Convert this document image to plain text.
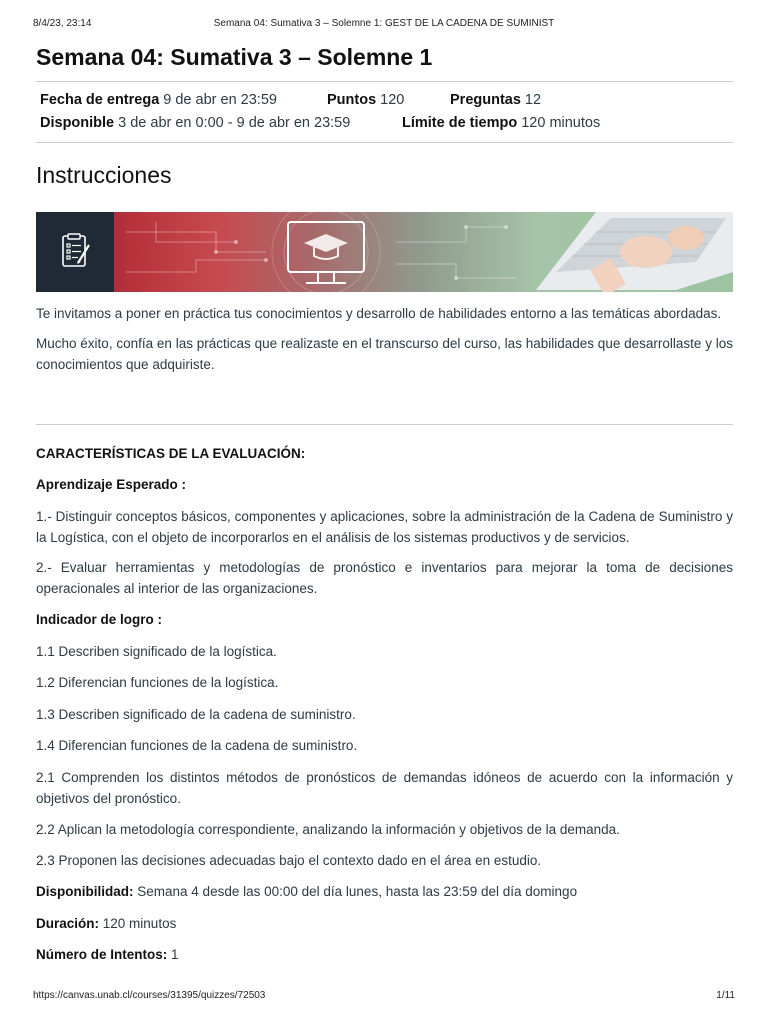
8/4/23, 23:14	Semana 04: Sumativa 3 – Solemne 1: GEST DE LA CADENA DE SUMINIST
Semana 04: Sumativa 3 – Solemne 1
Fecha de entrega 9 de abr en 23:59	Puntos 120	Preguntas 12
Disponible 3 de abr en 0:00 - 9 de abr en 23:59	Límite de tiempo 120 minutos
Instrucciones

Te invitamos a poner en práctica tus conocimientos y desarrollo de habilidades entorno a las temáticas abordadas.

Mucho éxito, confía en las prácticas que realizaste en el transcurso del curso, las habilidades que desarrollaste y los conocimientos que adquiriste.

CARACTERÍSTICAS DE LA EVALUACIÓN:

Aprendizaje Esperado :

1.- Distinguir conceptos básicos, componentes y aplicaciones, sobre la administración de la Cadena de Suministro y la Logística, con el objeto de incorporarlos en el análisis de los sistemas productivos y de servicios.

2.- Evaluar herramientas y metodologías de pronóstico e inventarios para mejorar la toma de decisiones operacionales al interior de las organizaciones.

Indicador de logro :

1.1 Describen significado de la logística.

1.2 Diferencian funciones de la logística.

1.3 Describen significado de la cadena de suministro.

1.4 Diferencian funciones de la cadena de suministro.

2.1 Comprenden los distintos métodos de pronósticos de demandas idóneos de acuerdo con la información y objetivos del pronóstico.

2.2 Aplican la metodología correspondiente, analizando la información y objetivos de la demanda.

2.3 Proponen las decisiones adecuadas bajo el contexto dado en el área en estudio.

Disponibilidad: Semana 4 desde las 00:00 del día lunes, hasta las 23:59 del día domingo

Duración: 120 minutos

Número de Intentos: 1

https://canvas.unab.cl/courses/31395/quizzes/72503	1/11
